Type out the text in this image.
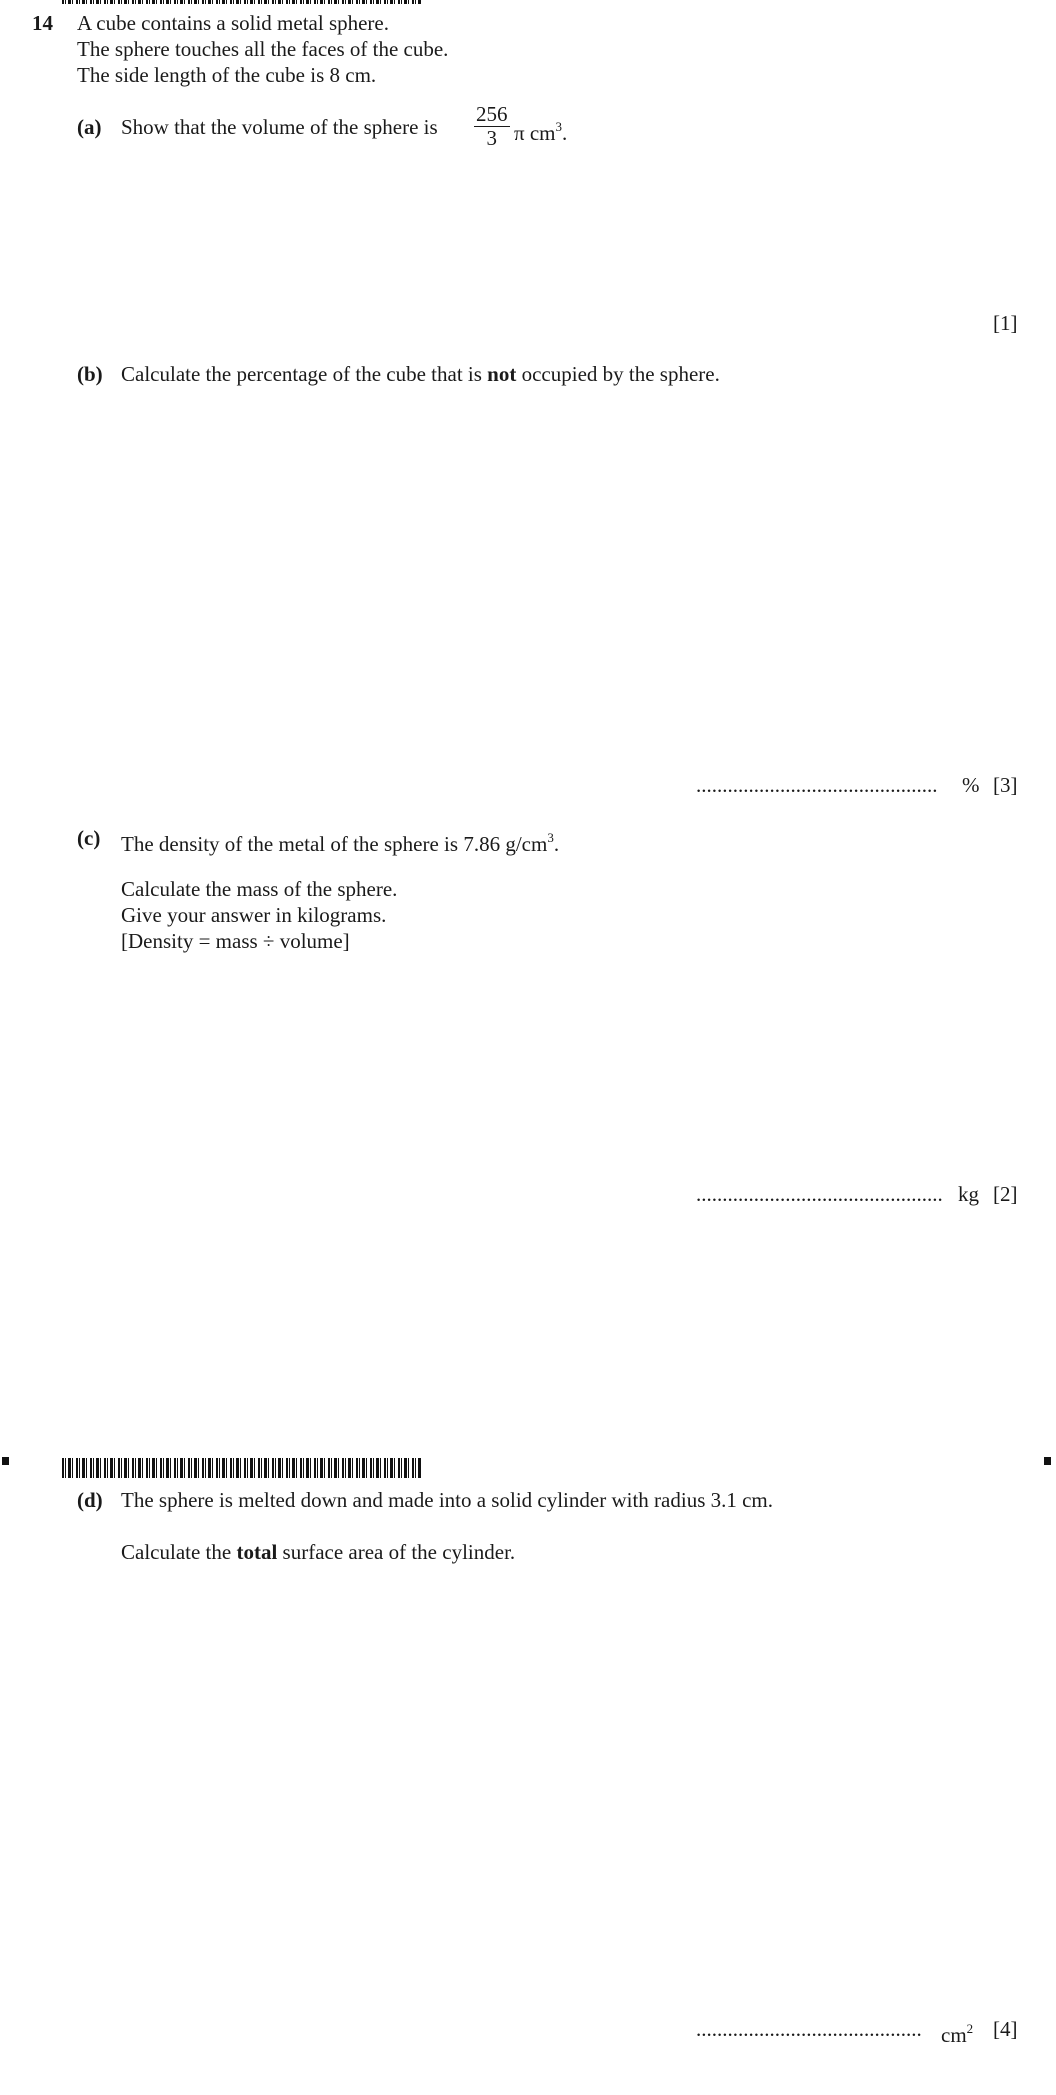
14 A cube contains a solid metal sphere.
The sphere touches all the faces of the cube.
The side length of the cube is 8 cm.
(a) Show that the volume of the sphere is $\frac{256}{3}$ π $cm^3$.
[1]
(b) Calculate the percentage of the cube that is not occupied by the sphere.
.............................................. % [3]
(c) The density of the metal of the sphere is 7.86 $g/cm^3$.
Calculate the mass of the sphere.
Give your answer in kilograms.
[Density = mass ÷ volume]
............................................... kg [2]
(d) The sphere is melted down and made into a solid cylinder with radius 3.1 cm.
Calculate the total surface area of the cylinder.
........................................... $cm^2$ [4]
